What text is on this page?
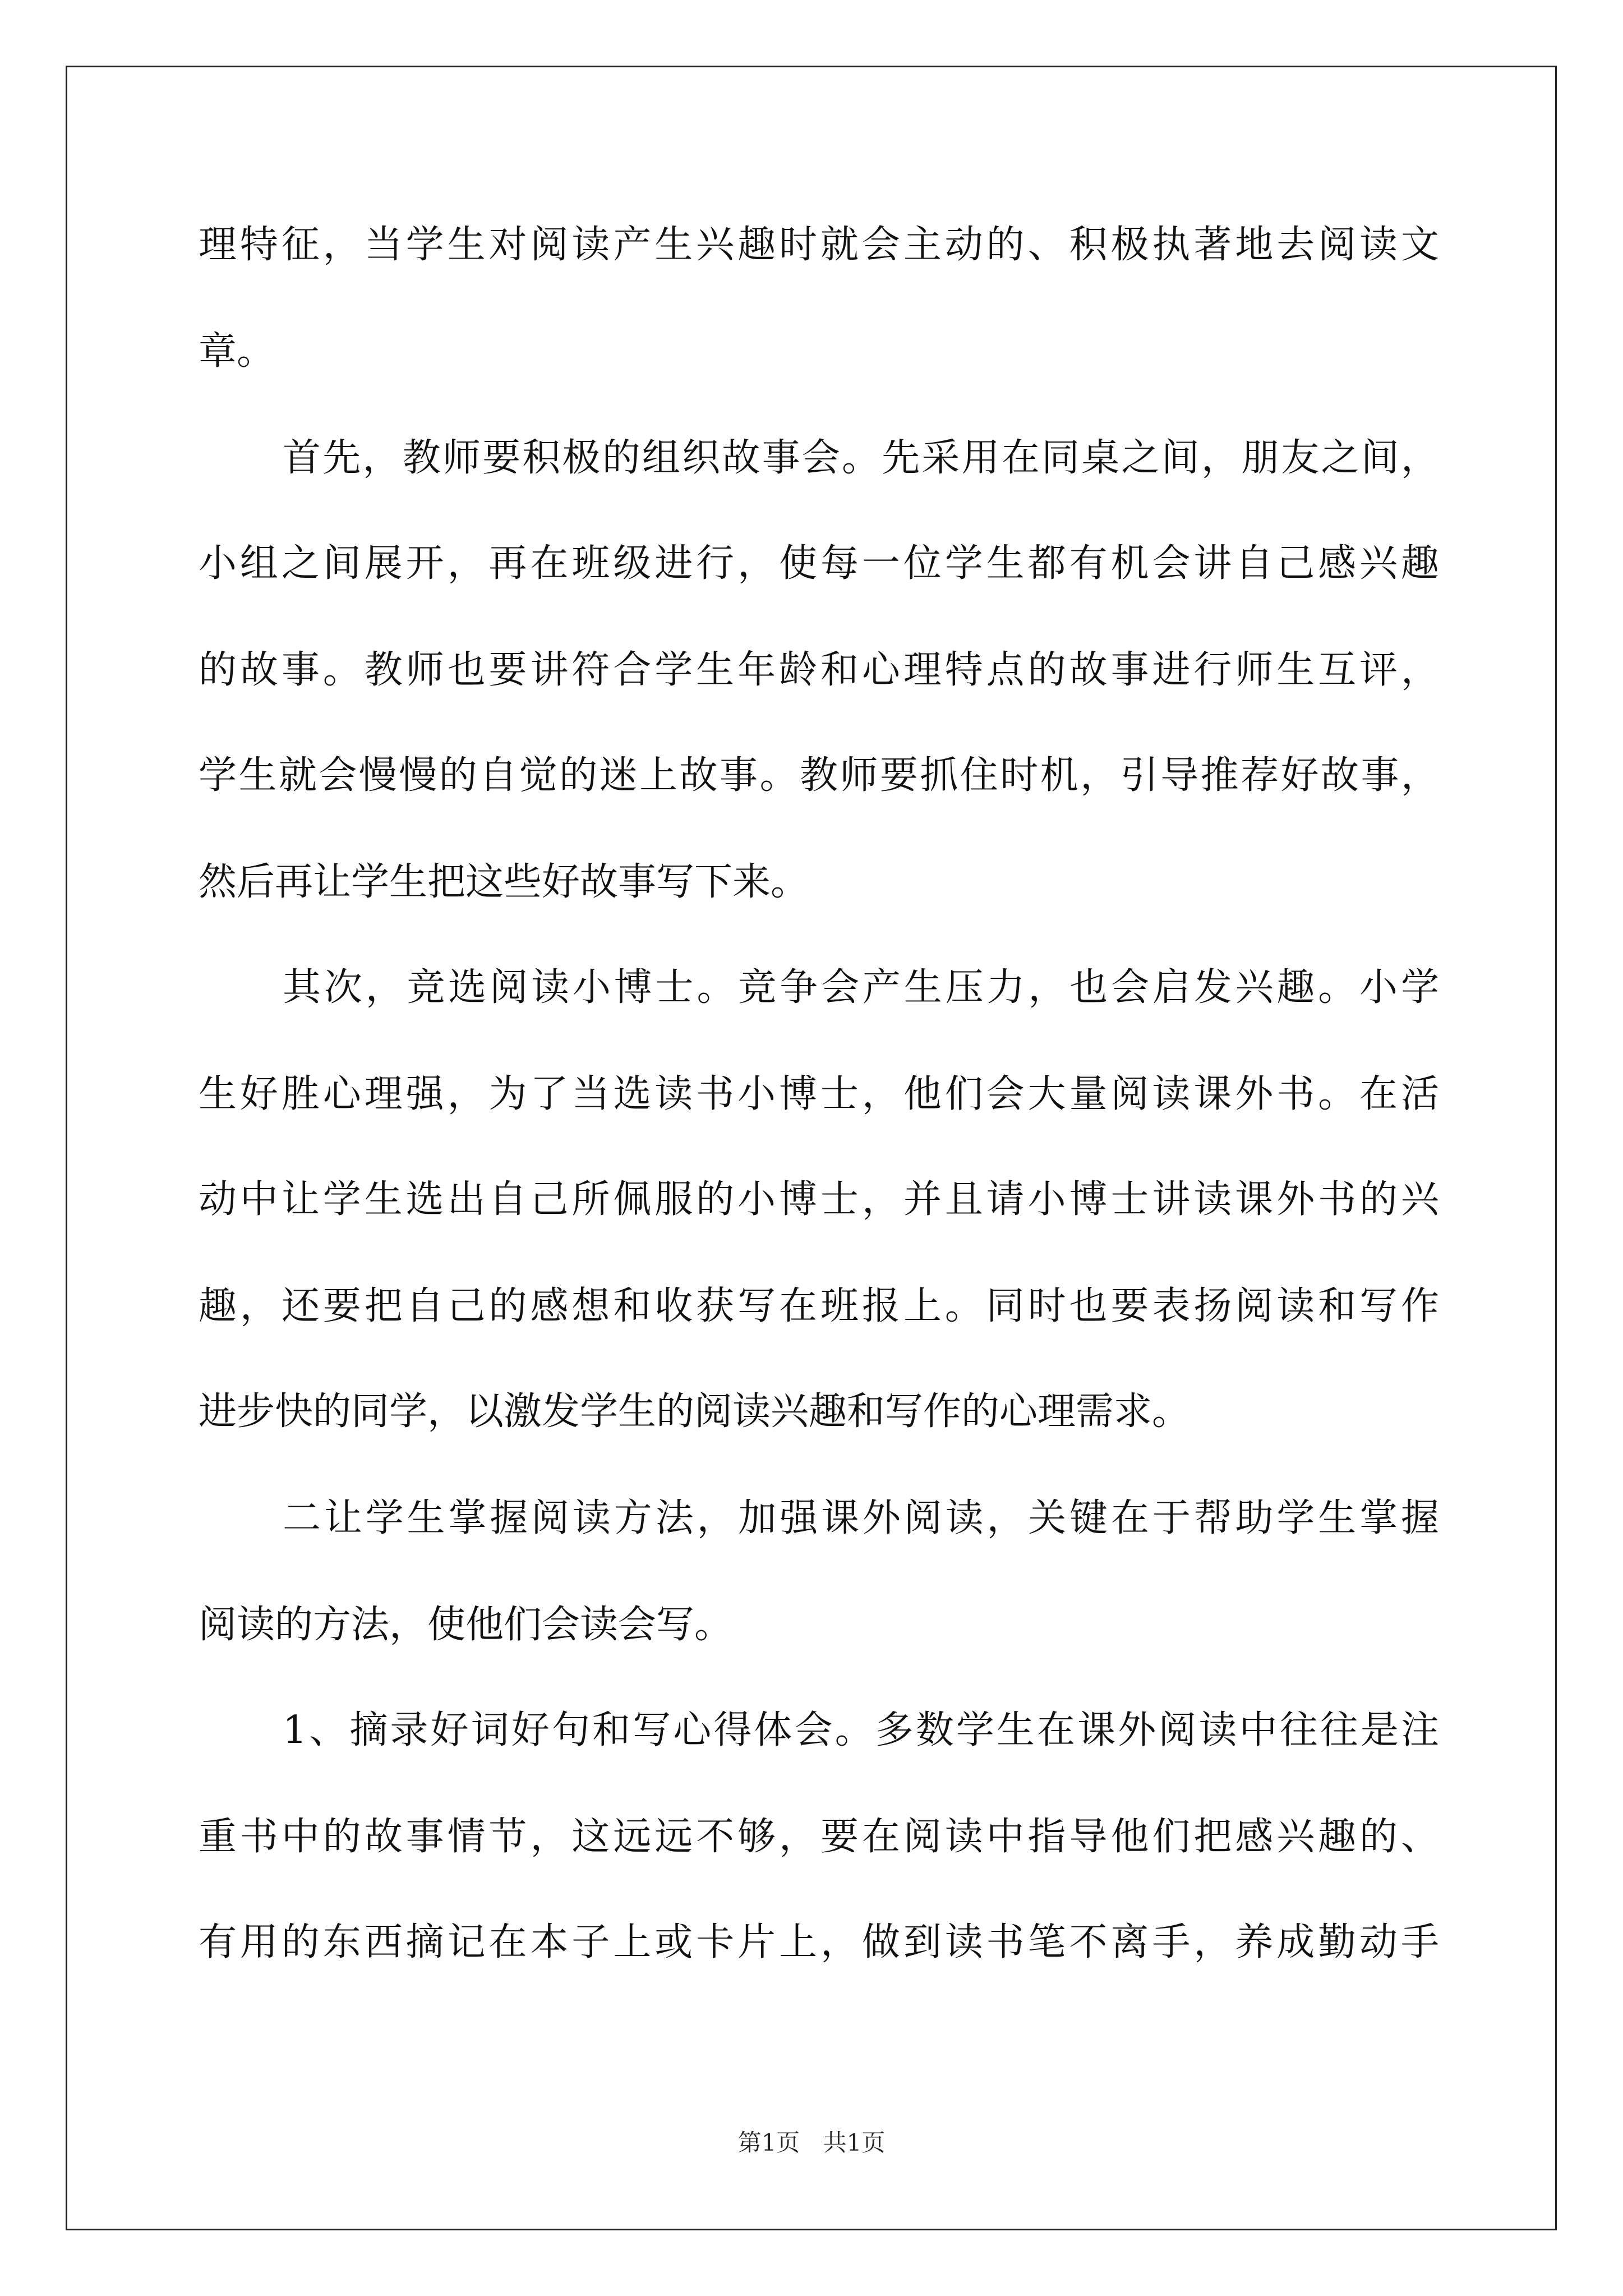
理特征，当学生对阅读产生兴趣时就会主动的、积极执著地去阅读文
章。
首先，教师要积极的组织故事会。先采用在同桌之间，朋友之间，
小组之间展开，再在班级进行，使每一位学生都有机会讲自己感兴趣
的故事。教师也要讲符合学生年龄和心理特点的故事进行师生互评，
学生就会慢慢的自觉的迷上故事。教师要抓住时机，引导推荐好故事，
然后再让学生把这些好故事写下来。
其次，竞选阅读小博士。竞争会产生压力，也会启发兴趣。小学
生好胜心理强，为了当选读书小博士，他们会大量阅读课外书。在活
动中让学生选出自己所佩服的小博士，并且请小博士讲读课外书的兴
趣，还要把自己的感想和收获写在班报上。同时也要表扬阅读和写作
进步快的同学，以激发学生的阅读兴趣和写作的心理需求。
二让学生掌握阅读方法，加强课外阅读，关键在于帮助学生掌握
阅读的方法，使他们会读会写。
1、摘录好词好句和写心得体会。多数学生在课外阅读中往往是注
重书中的故事情节，这远远不够，要在阅读中指导他们把感兴趣的、
有用的东西摘记在本子上或卡片上，做到读书笔不离手，养成勤动手
第1页 共1页
